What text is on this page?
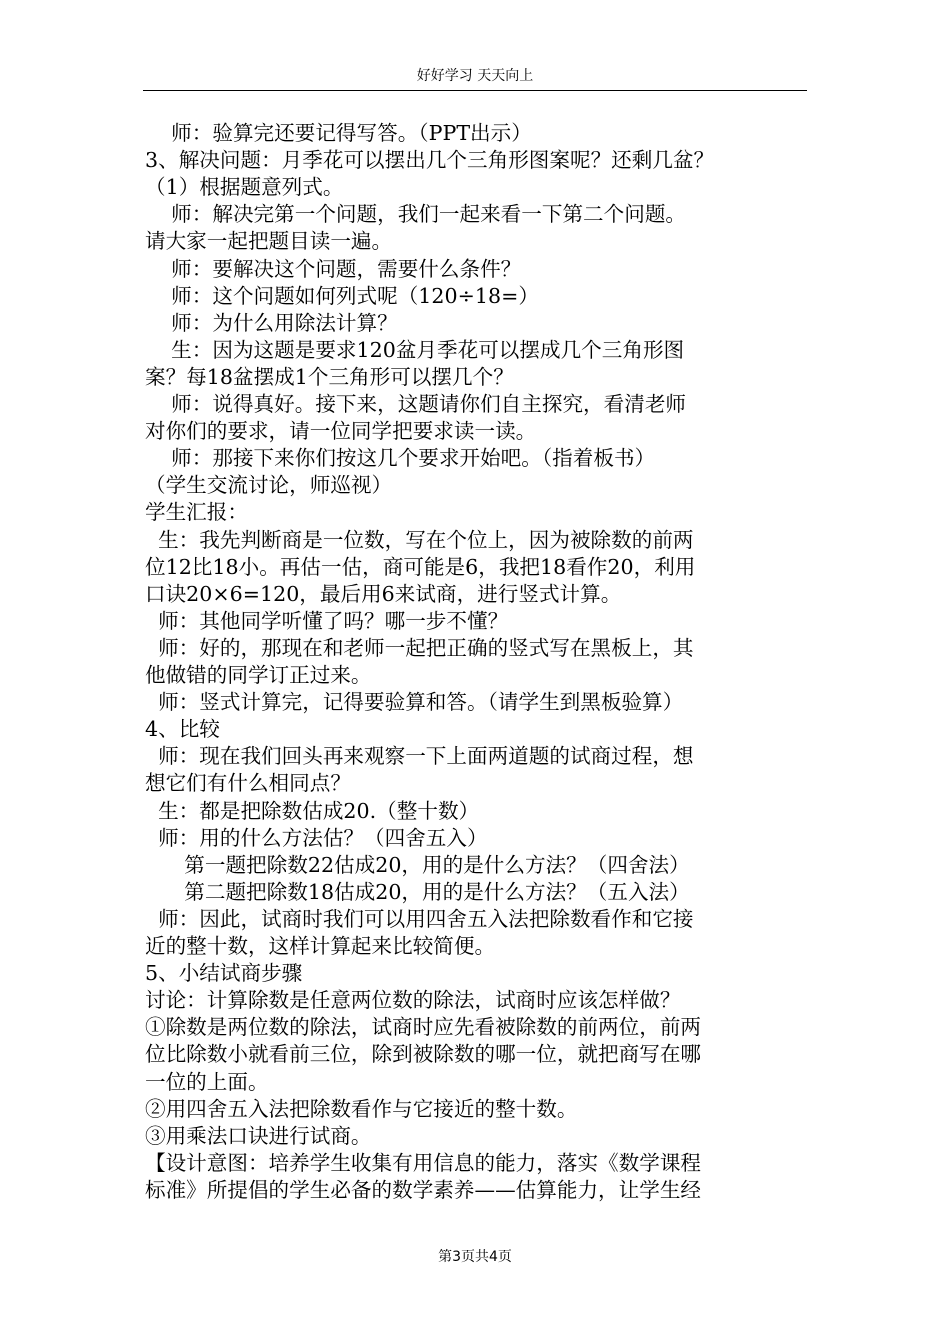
好好学习 天天向上
师：验算完还要记得写答。（PPT出示）
3、解决问题：月季花可以摆出几个三角形图案呢？还剩几盆？
（1）根据题意列式。
师：解决完第一个问题，我们一起来看一下第二个问题。
请大家一起把题目读一遍。
师：要解决这个问题，需要什么条件？
师：这个问题如何列式呢（120÷18=）
师：为什么用除法计算？
生：因为这题是要求120盆月季花可以摆成几个三角形图
案？每18盆摆成1个三角形可以摆几个？
师：说得真好。接下来，这题请你们自主探究，看清老师
对你们的要求，请一位同学把要求读一读。
师：那接下来你们按这几个要求开始吧。（指着板书）
（学生交流讨论，师巡视）
学生汇报：
生：我先判断商是一位数，写在个位上，因为被除数的前两
位12比18小。再估一估，商可能是6，我把18看作20，利用
口诀20×6=120，最后用6来试商，进行竖式计算。
师：其他同学听懂了吗？哪一步不懂？
师：好的，那现在和老师一起把正确的竖式写在黑板上，其
他做错的同学订正过来。
师：竖式计算完，记得要验算和答。（请学生到黑板验算）
4、比较
师：现在我们回头再来观察一下上面两道题的试商过程，想
想它们有什么相同点？
生：都是把除数估成20.（整十数）
师：用的什么方法估？（四舍五入）
第一题把除数22估成20，用的是什么方法？（四舍法）
第二题把除数18估成20，用的是什么方法？（五入法）
师：因此，试商时我们可以用四舍五入法把除数看作和它接
近的整十数，这样计算起来比较简便。
5、小结试商步骤
讨论：计算除数是任意两位数的除法，试商时应该怎样做？
①除数是两位数的除法，试商时应先看被除数的前两位，前两
位比除数小就看前三位，除到被除数的哪一位，就把商写在哪
一位的上面。
②用四舍五入法把除数看作与它接近的整十数。
③用乘法口诀进行试商。
【设计意图：培养学生收集有用信息的能力，落实《数学课程
标准》所提倡的学生必备的数学素养——估算能力，让学生经
第3页共4页
